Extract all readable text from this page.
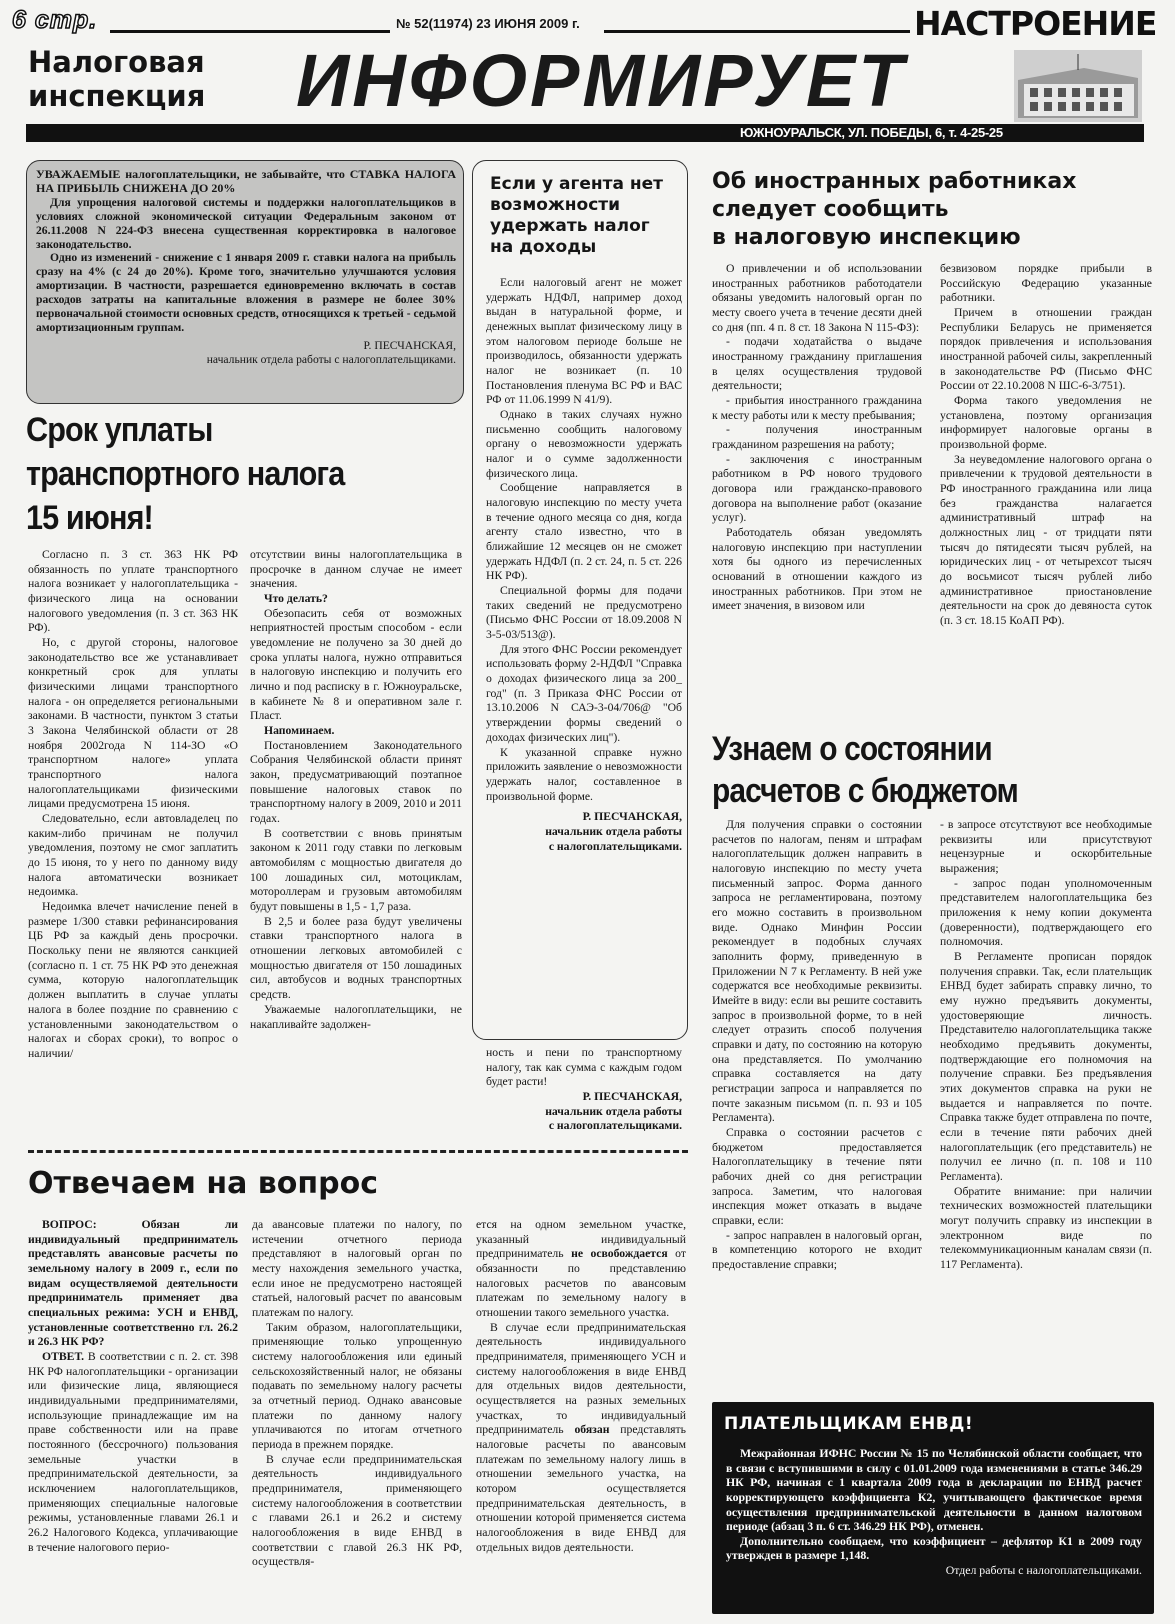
6 стр.	№ 52(11974) 23 ИЮНЯ 2009 г.	НАСТРОЕНИЕ
Налоговая
инспекция ИНФОРМИРУЕТ
ЮЖНОУРАЛЬСК, УЛ. ПОБЕДЫ, 6, т. 4-25-25

УВАЖАЕМЫЕ налогоплательщики, не забывайте, что СТАВКА НАЛОГА НА ПРИБЫЛЬ СНИЖЕНА ДО 20%

Для упрощения налоговой системы и поддержки налогоплательщиков в условиях сложной экономической ситуации Федеральным законом от 26.11.2008 N 224-ФЗ внесена существенная корректировка в налоговое законодательство.

Одно из изменений - снижение с 1 января 2009 г. ставки налога на прибыль сразу на 4% (с 24 до 20%). Кроме того, значительно улучшаются условия амортизации. В частности, разрешается единовременно включать в состав расходов затраты на капитальные вложения в размере не более 30% первоначальной стоимости основных средств, относящихся к третьей - седьмой амортизационным группам.

Р. ПЕСЧАНСКАЯ,

начальник отдела работы с налогоплательщиками.

Срок уплаты
транспортного налога
15 июня!

Согласно п. 3 ст. 363 НК РФ обязанность по уплате транспортного налога возникает у налогоплательщика - физического лица на основании налогового уведомления (п. 3 ст. 363 НК РФ).

Но, с другой стороны, налоговое законодательство все же устанавливает конкретный срок для уплаты физическими лицами транспортного налога - он определяется региональными законами. В частности, пунктом 3 статьи 3 Закона Челябинской области от 28 ноября 2002года N 114-ЗО «О транспортном налоге» уплата транспортного налога налогоплательщиками физическими лицами предусмотрена 15 июня.

Следовательно, если автовладелец по каким-либо причинам не получил уведомления, поэтому не смог заплатить до 15 июня, то у него по данному виду налога автоматически возникает недоимка.

Недоимка влечет начисление пеней в размере 1/300 ставки рефинансирования ЦБ РФ за каждый день просрочки. Поскольку пени не являются санкцией (согласно п. 1 ст. 75 НК РФ это денежная сумма, которую налогоплательщик должен выплатить в случае уплаты налога в более поздние по сравнению с установленными законодательством о налогах и сборах сроки), то вопрос о наличии/

отсутствии вины налогоплательщика в просрочке в данном случае не имеет значения.

Что делать?

Обезопасить себя от возможных неприятностей простым способом - если уведомление не получено за 30 дней до срока уплаты налога, нужно отправиться в налоговую инспекцию и получить его лично и под расписку в г. Южноуральске, в кабинете № 8 и оперативном зале г. Пласт.

Напоминаем.

Постановлением Законодательного Собрания Челябинской области принят закон, предусматривающий поэтапное повышение налоговых ставок по транспортному налогу в 2009, 2010 и 2011 годах.

В соответствии с вновь принятым законом к 2011 году ставки по легковым автомобилям с мощностью двигателя до 100 лошадиных сил, мотоциклам, мотороллерам и грузовым автомобилям будут повышены в 1,5 - 1,7 раза.

В 2,5 и более раза будут увеличены ставки транспортного налога в отношении легковых автомобилей с мощностью двигателя от 150 лошадиных сил, автобусов и водных транспортных средств.

Уважаемые налогоплательщики, не накапливайте задолжен-

Если у агента нет возможности удержать налог на доходы

Если налоговый агент не может удержать НДФЛ, например доход выдан в натуральной форме, и денежных выплат физическому лицу в этом налоговом периоде больше не производилось, обязанности удержать налог не возникает (п. 10 Постановления пленума ВС РФ и ВАС РФ от 11.06.1999 N 41/9).

Однако в таких случаях нужно письменно сообщить налоговому органу о невозможности удержать налог и о сумме задолженности физического лица.

Сообщение направляется в налоговую инспекцию по месту учета в течение одного месяца со дня, когда агенту стало известно, что в ближайшие 12 месяцев он не сможет удержать НДФЛ (п. 2 ст. 24, п. 5 ст. 226 НК РФ).

Специальной формы для подачи таких сведений не предусмотрено (Письмо ФНС России от 18.09.2008 N 3-5-03/513@).

Для этого ФНС России рекомендует использовать форму 2-НДФЛ "Справка о доходах физического лица за 200_ год" (п. 3 Приказа ФНС России от 13.10.2006 N САЭ-3-04/706@ "Об утверждении формы сведений о доходах физических лиц").

К указанной справке нужно приложить заявление о невозможности удержать налог, составленное в произвольной форме.

Р. ПЕСЧАНСКАЯ,

начальник отдела работы

с налогоплательщиками.

ность и пени по транспортному налогу, так как сумма с каждым годом будет расти!

Р. ПЕСЧАНСКАЯ,

начальник отдела работы

с налогоплательщиками.

Об иностранных работниках
следует сообщить
в налоговую инспекцию

О привлечении и об использовании иностранных работников работодатели обязаны уведомить налоговый орган по месту своего учета в течение десяти дней со дня (пп. 4 п. 8 ст. 18 Закона N 115-ФЗ):

- подачи ходатайства о выдаче иностранному гражданину приглашения в целях осуществления трудовой деятельности;

- прибытия иностранного гражданина к месту работы или к месту пребывания;

- получения иностранным гражданином разрешения на работу;

- заключения с иностранным работником в РФ нового трудового договора или гражданско-правового договора на выполнение работ (оказание услуг).

Работодатель обязан уведомлять налоговую инспекцию при наступлении хотя бы одного из перечисленных оснований в отношении каждого из иностранных работников. При этом не имеет значения, в визовом или

безвизовом порядке прибыли в Российскую Федерацию указанные работники.

Причем в отношении граждан Республики Беларусь не применяется порядок привлечения и использования иностранной рабочей силы, закрепленный в законодательстве РФ (Письмо ФНС России от 22.10.2008 N ШС-6-3/751).

Форма такого уведомления не установлена, поэтому организация информирует налоговые органы в произвольной форме.

За неуведомление налогового органа о привлечении к трудовой деятельности в РФ иностранного гражданина или лица без гражданства налагается административный штраф на должностных лиц - от тридцати пяти тысяч до пятидесяти тысяч рублей, на юридических лиц - от четырехсот тысяч до восьмисот тысяч рублей либо административное приостановление деятельности на срок до девяноста суток (п. 3 ст. 18.15 КоАП РФ).

Узнаем о состоянии
расчетов с бюджетом

Для получения справки о состоянии расчетов по налогам, пеням и штрафам налогоплательщик должен направить в налоговую инспекцию по месту учета письменный запрос. Форма данного запроса не регламентирована, поэтому его можно составить в произвольном виде. Однако Минфин России рекомендует в подобных случаях заполнить форму, приведенную в Приложении N 7 к Регламенту. В ней уже содержатся все необходимые реквизиты. Имейте в виду: если вы решите составить запрос в произвольной форме, то в ней следует отразить способ получения справки и дату, по состоянию на которую она представляется. По умолчанию справка составляется на дату регистрации запроса и направляется по почте заказным письмом (п. п. 93 и 105 Регламента).

Справка о состоянии расчетов с бюджетом предоставляется Налогоплательщику в течение пяти рабочих дней со дня регистрации запроса. Заметим, что налоговая инспекция может отказать в выдаче справки, если:

- запрос направлен в налоговый орган, в компетенцию которого не входит предоставление справки;

- в запросе отсутствуют все необходимые реквизиты или присутствуют нецензурные и оскорбительные выражения;

- запрос подан уполномоченным представителем налогоплательщика без приложения к нему копии документа (доверенности), подтверждающего его полномочия.

В Регламенте прописан порядок получения справки. Так, если плательщик ЕНВД будет забирать справку лично, то ему нужно предъявить документы, удостоверяющие личность. Представителю налогоплательщика также необходимо предъявить документы, подтверждающие его полномочия на получение справки. Без предъявления этих документов справка на руки не выдается и направляется по почте. Справка также будет отправлена по почте, если в течение пяти рабочих дней налогоплательщик (его представитель) не получил ее лично (п. п. 108 и 110 Регламента).

Обратите внимание: при наличии технических возможностей плательщики могут получить справку из инспекции в электронном виде по телекоммуникационным каналам связи (п. 117 Регламента).

Отвечаем на вопрос

ВОПРОС:	Обязан ли индивидуальный предприниматель представлять авансовые расчеты по земельному налогу в 2009 г., если по видам осуществляемой деятельности предприниматель применяет два специальных режима: УСН и ЕНВД, установленные соответственно гл. 26.2 и 26.3 НК РФ?

ОТВЕТ. В соответствии с п. 2. ст. 398 НК РФ налогоплательщики - организации или физические лица, являющиеся индивидуальными предпринимателями, использующие принадлежащие им на праве собственности или на праве постоянного (бессрочного) пользования земельные участки в предпринимательской деятельности, за исключением налогоплательщиков, применяющих специальные налоговые режимы, установленные главами 26.1 и 26.2 Налогового Кодекса, уплачивающие в течение налогового перио-

да авансовые платежи по налогу, по истечении отчетного периода представляют в налоговый орган по месту нахождения земельного участка, если иное не предусмотрено настоящей статьей, налоговый расчет по авансовым платежам по налогу.

Таким образом, налогоплательщики, применяющие только упрощенную систему налогообложения или единый сельскохозяйственный налог, не обязаны подавать по земельному налогу расчеты за отчетный период. Однако авансовые платежи по данному налогу уплачиваются по итогам отчетного периода в прежнем порядке.

В случае если предпринимательская деятельность индивидуального предпринимателя, применяющего систему налогообложения в соответствии с главами 26.1 и 26.2 и систему налогообложения в виде ЕНВД в соответствии с главой 26.3 НК РФ, осуществля-

ется на одном земельном участке, указанный индивидуальный предприниматель не освобождается от обязанности по представлению налоговых расчетов по авансовым платежам по земельному налогу в отношении такого земельного участка.

В случае если предпринимательская деятельность индивидуального предпринимателя, применяющего УСН и систему налогообложения в виде ЕНВД для отдельных видов деятельности, осуществляется на разных земельных участках, то индивидуальный предприниматель обязан представлять налоговые расчеты по авансовым платежам по земельному налогу лишь в отношении земельного участка, на котором осуществляется предпринимательская деятельность, в отношении которой применяется система налогообложения в виде ЕНВД для отдельных видов деятельности.

ПЛАТЕЛЬЩИКАМ ЕНВД!

Межрайонная ИФНС России № 15 по Челябинской области сообщает, что в связи с вступившими в силу с 01.01.2009 года изменениями в статье 346.29 НК РФ, начиная с 1 квартала 2009 года в декларации по ЕНВД расчет корректирующего коэффициента К2, учитывающего фактическое время осуществления предпринимательской деятельности в данном налоговом периоде (абзац 3 п. 6 ст. 346.29 НК РФ), отменен.

Дополнительно сообщаем, что коэффициент – дефлятор К1 в 2009 году утвержден в размере 1,148.

Отдел работы с налогоплательщиками.
